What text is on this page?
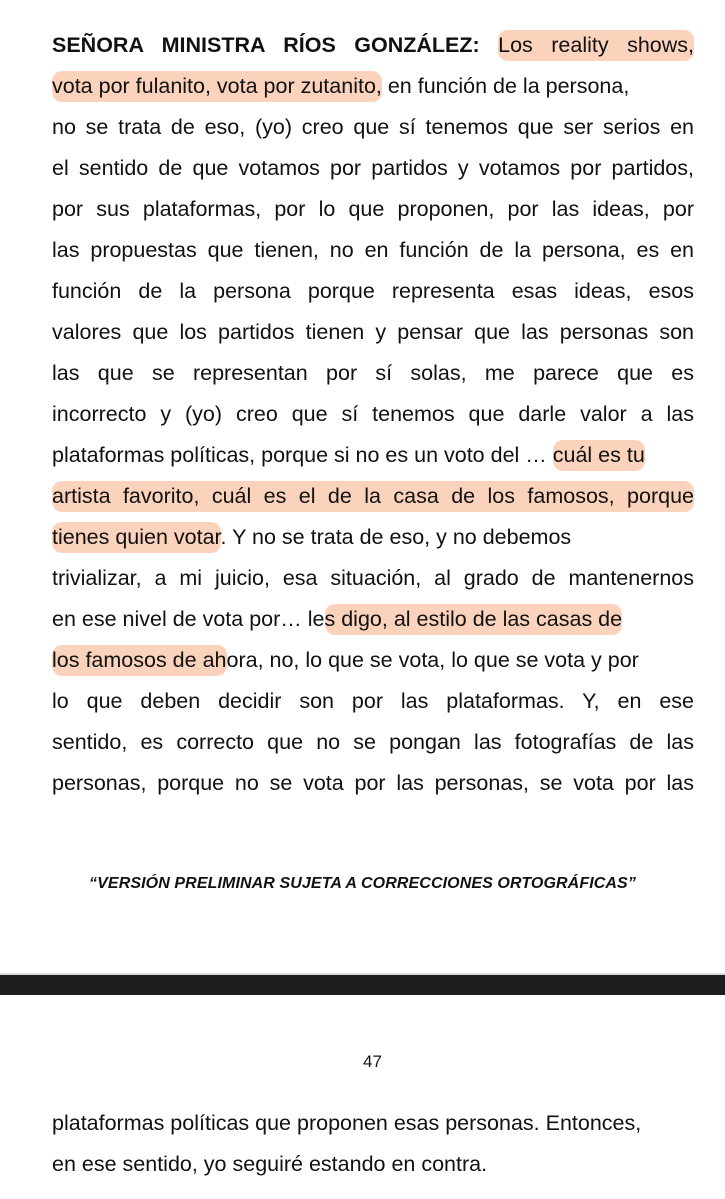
SEÑORA MINISTRA RÍOS GONZÁLEZ: Los reality shows,

vota por fulanito, vota por zutanito, en función de la persona,

no se trata de eso, (yo) creo que sí tenemos que ser serios en

el sentido de que votamos por partidos y votamos por partidos,

por sus plataformas, por lo que proponen, por las ideas, por

las propuestas que tienen, no en función de la persona, es en

función de la persona porque representa esas ideas, esos

valores que los partidos tienen y pensar que las personas son

las que se representan por sí solas, me parece que es

incorrecto y (yo) creo que sí tenemos que darle valor a las

plataformas políticas, porque si no es un voto del … cuál es tu

artista favorito, cuál es el de la casa de los famosos, porque

tienes quien votar. Y no se trata de eso, y no debemos

trivializar, a mi juicio, esa situación, al grado de mantenernos

en ese nivel de vota por… les digo, al estilo de las casas de

los famosos de ahora, no, lo que se vota, lo que se vota y por

lo que deben decidir son por las plataformas. Y, en ese

sentido, es correcto que no se pongan las fotografías de las

personas, porque no se vota por las personas, se vota por las

“VERSIÓN PRELIMINAR SUJETA A CORRECCIONES ORTOGRÁFICAS”
47

plataformas políticas que proponen esas personas. Entonces,

en ese sentido, yo seguiré estando en contra.
